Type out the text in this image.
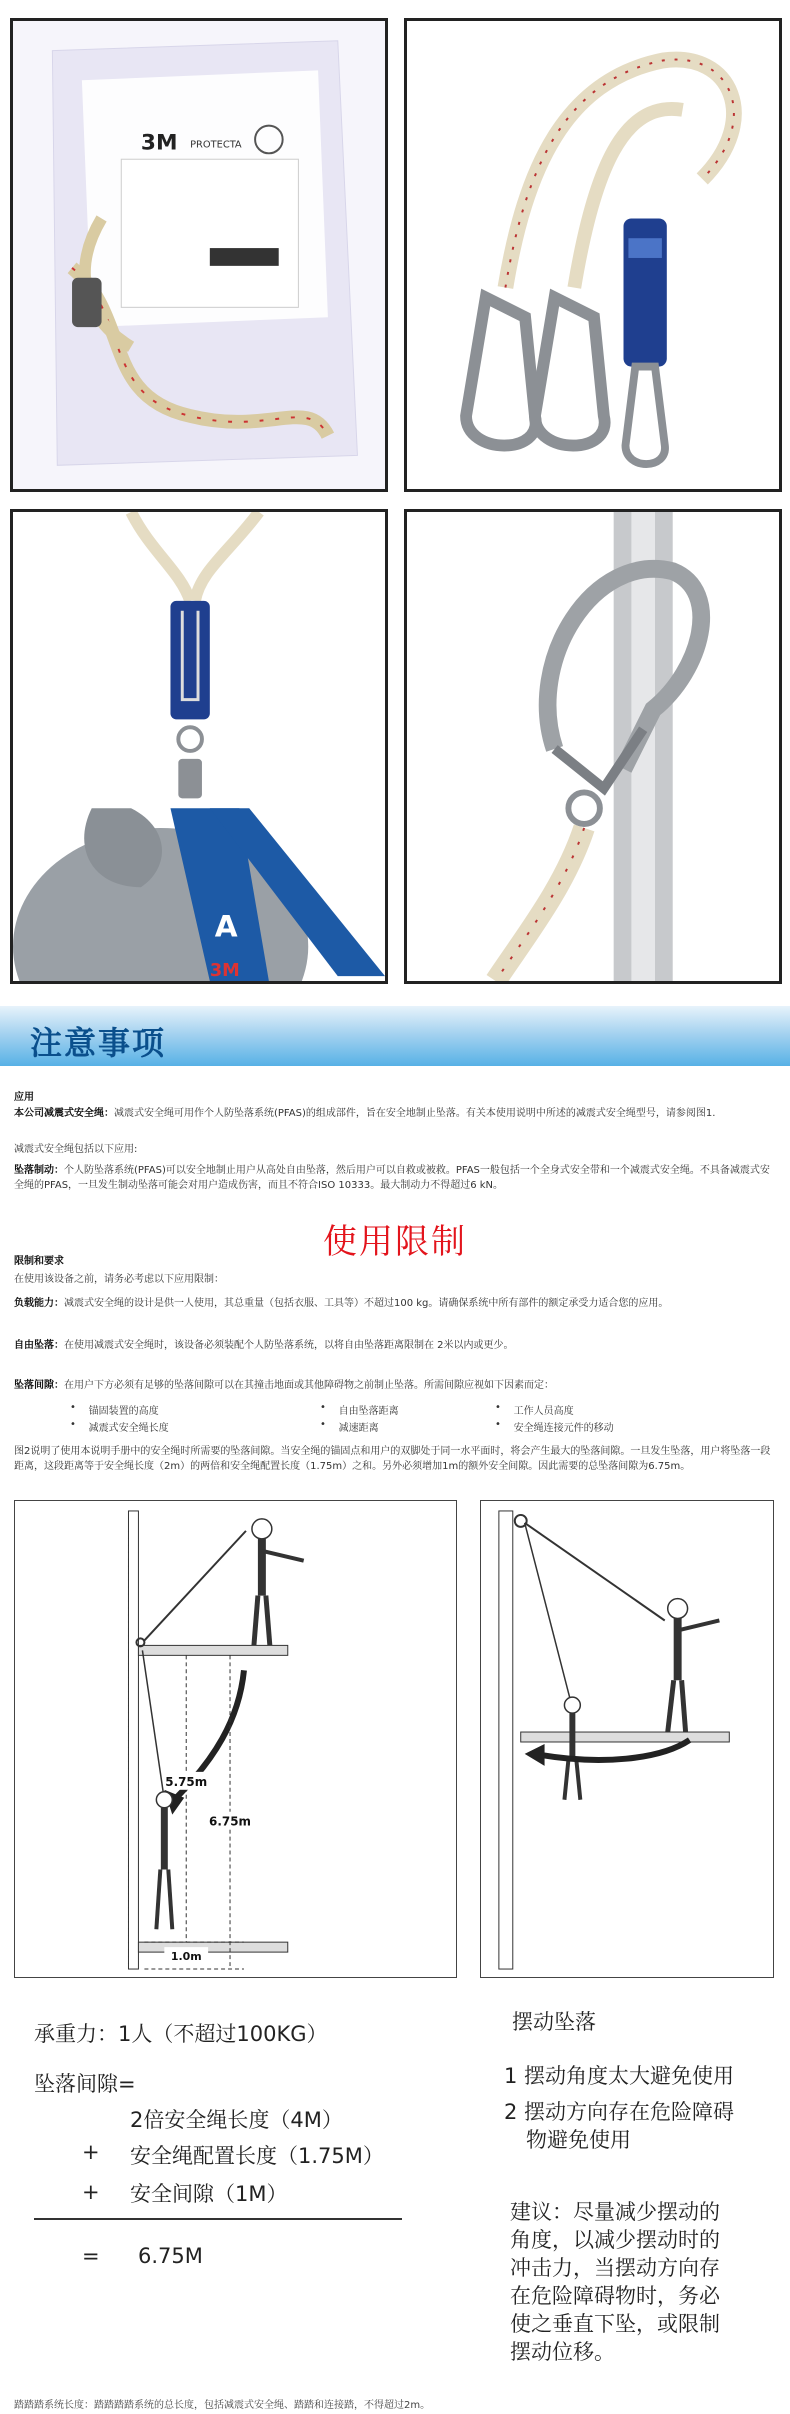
3M PROTECTA
A
3M
注意事项
应用
本公司减震式安全绳：减震式安全绳可用作个人防坠落系统(PFAS)的组成部件，旨在安全地制止坠落。有关本使用说明中所述的减震式安全绳型号，请参阅图1.
减震式安全绳包括以下应用:
坠落制动：个人防坠落系统(PFAS)可以安全地制止用户从高处自由坠落，然后用户可以自救或被救。PFAS一般包括一个全身式安全带和一个减震式安全绳。不具备减震式安全绳的PFAS，一旦发生制动坠落可能会对用户造成伤害，而且不符合ISO 10333。最大制动力不得超过6 kN。
使用限制
限制和要求
在使用该设备之前，请务必考虑以下应用限制：
负载能力：减震式安全绳的设计是供一人使用，其总重量（包括衣服、工具等）不超过100 kg。请确保系统中所有部件的额定承受力适合您的应用。
自由坠落：在使用减震式安全绳时，该设备必须装配个人防坠落系统，以将自由坠落距离限制在 2米以内或更少。
坠落间隙：在用户下方必须有足够的坠落间隙可以在其撞击地面或其他障碍物之前制止坠落。所需间隙应视如下因素而定：
• 锚固装置的高度	• 自由坠落距离	• 工作人员高度
• 减震式安全绳长度	• 减速距离	• 安全绳连接元件的移动
图2说明了使用本说明手册中的安全绳时所需要的坠落间隙。当安全绳的锚固点和用户的双脚处于同一水平面时，将会产生最大的坠落间隙。一旦发生坠落，用户将坠落一段距离，这段距离等于安全绳长度（2m）的两倍和安全绳配置长度（1.75m）之和。另外必须增加1m的额外安全间隙。因此需要的总坠落间隙为6.75m。
5.75m
6.75m
1.0m
承重力：1人（不超过100KG）
坠落间隙=
2倍安全绳长度（4M）
+ 安全绳配置长度（1.75M）
+ 安全间隙（1M）
= 6.75M
摆动坠落
1 摆动角度太大避免使用
2 摆动方向存在危险障碍
物避免使用
建议：尽量减少摆动的
角度，以减少摆动时的
冲击力，当摆动方向存
在危险障碍物时，务必
使之垂直下坠，或限制
摆动位移。
踏踏踏系统长度：踏踏踏踏系统的总长度，包括减震式安全绳、踏踏和连接踏，不得超过2m。
